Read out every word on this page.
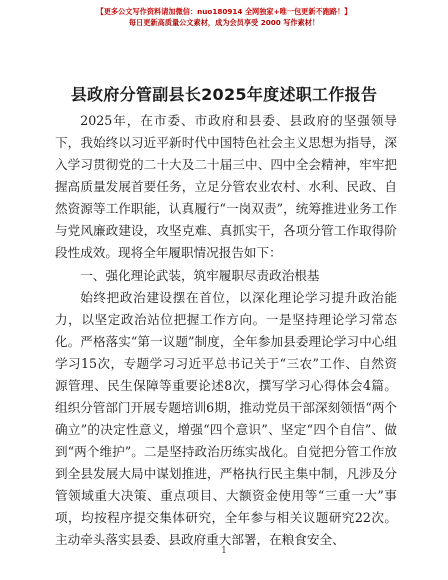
【更多公文写作资料请加微信：nuo180914 全网独家+唯一包更新不跑路！】
每日更新高质量公文素材，成为会员享受 2000 写作素材！
县政府分管副县长2025年度述职工作报告

2025年，在市委、市政府和县委、县政府的坚强领导下，我始终以习近平新时代中国特色社会主义思想为指导，深入学习贯彻党的二十大及二十届三中、四中全会精神，牢牢把握高质量发展首要任务，立足分管农业农村、水利、民政、自然资源等工作职能，认真履行“一岗双责”，统筹推进业务工作与党风廉政建设，攻坚克难、真抓实干，各项分管工作取得阶段性成效。现将全年履职情况报告如下：

一、强化理论武装，筑牢履职尽责政治根基

始终把政治建设摆在首位，以深化理论学习提升政治能力，以坚定政治站位把握工作方向。一是坚持理论学习常态化。严格落实“第一议题”制度，全年参加县委理论学习中心组学习15次，专题学习习近平总书记关于“三农”工作、自然资源管理、民生保障等重要论述8次，撰写学习心得体会4篇。组织分管部门开展专题培训6期，推动党员干部深刻领悟“两个确立”的决定性意义，增强“四个意识”、坚定“四个自信”、做到“两个维护”。二是坚持政治历练实战化。自觉把分管工作放到全县发展大局中谋划推进，严格执行民主集中制，凡涉及分管领域重大决策、重点项目、大额资金使用等“三重一大”事项，均按程序提交集体研究，全年参与相关议题研究22次。主动牵头落实县委、县政府重大部署，在粮食安全、

1
